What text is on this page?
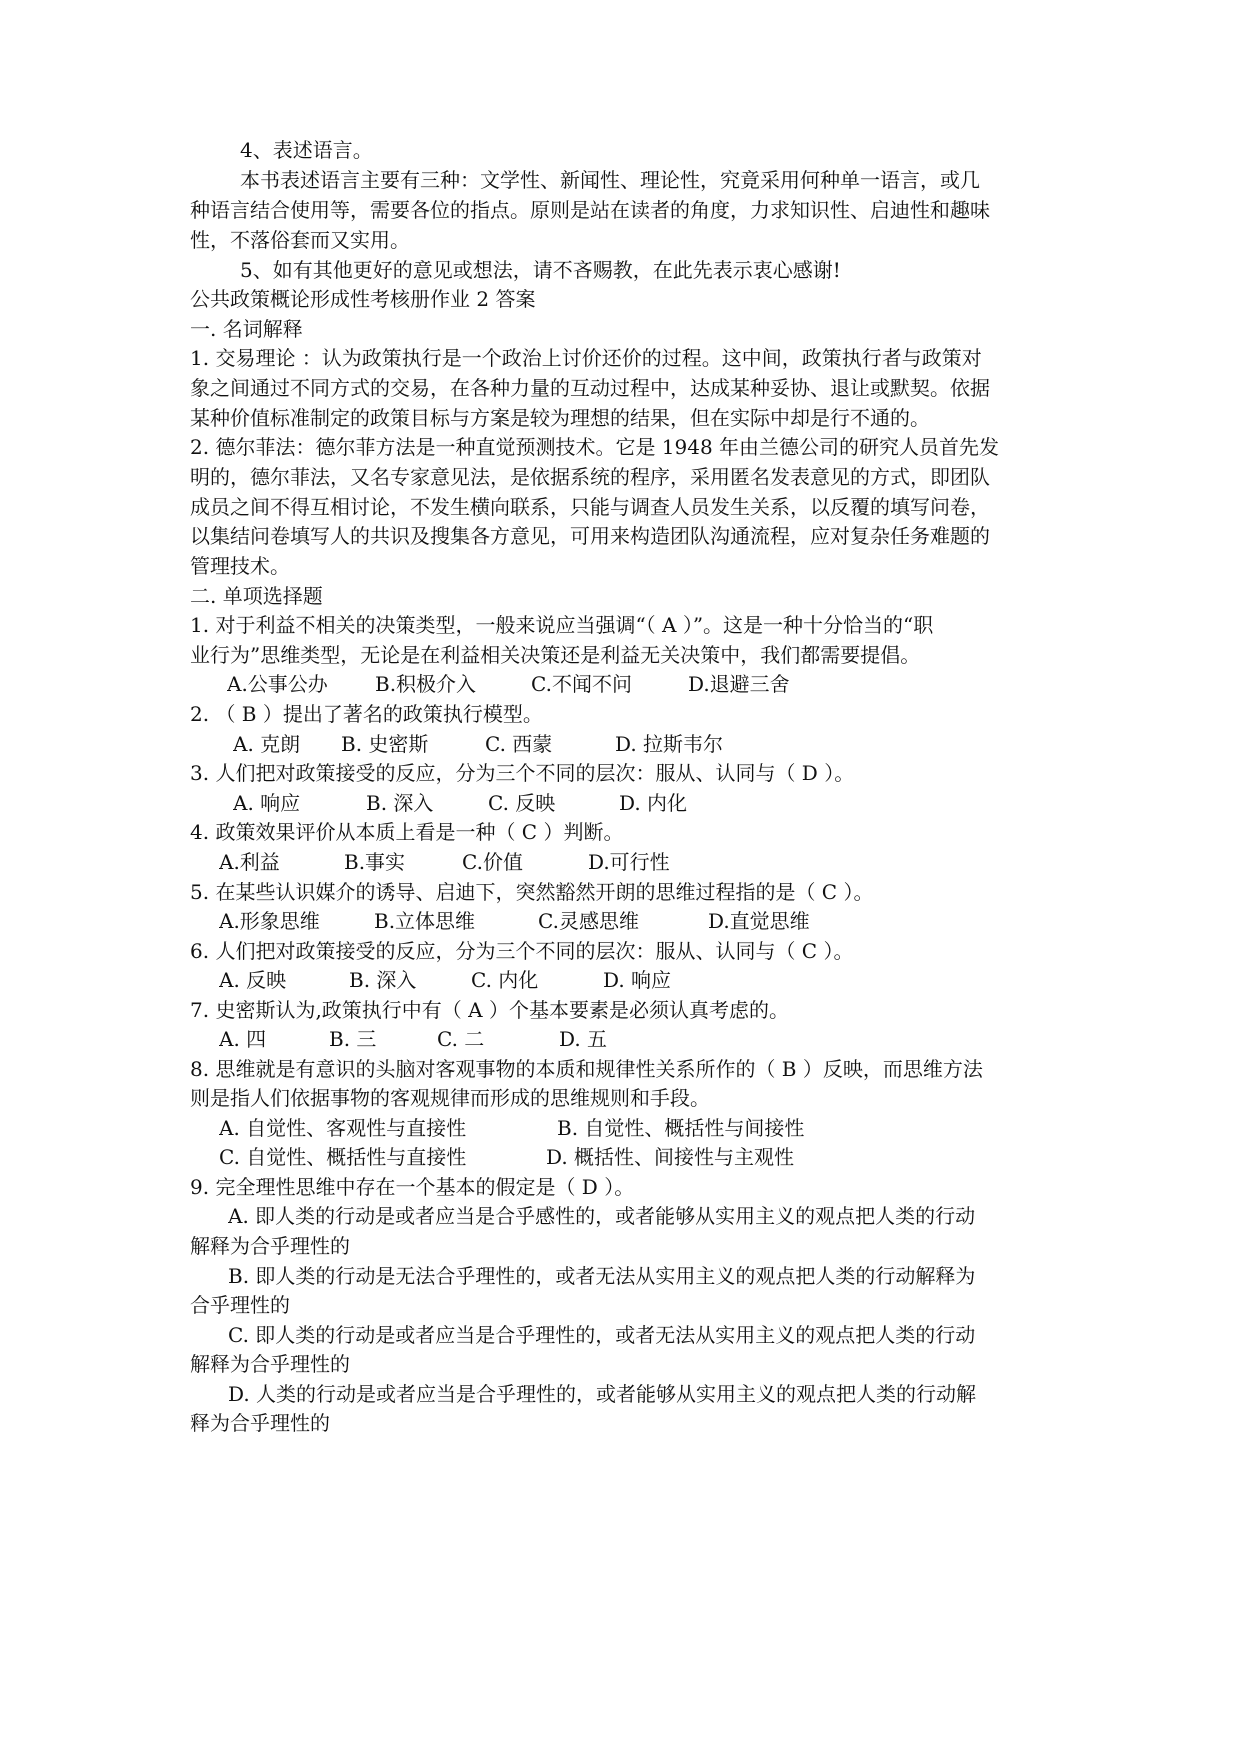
4、表述语言。
本书表述语言主要有三种：文学性、新闻性、理论性，究竟采用何种单一语言，或几
种语言结合使用等，需要各位的指点。原则是站在读者的角度，力求知识性、启迪性和趣味
性，不落俗套而又实用。
5、如有其他更好的意见或想法，请不吝赐教，在此先表示衷心感谢!
公共政策概论形成性考核册作业 2 答案
一. 名词解释
1. 交易理论 ：认为政策执行是一个政治上讨价还价的过程。这中间，政策执行者与政策对
象之间通过不同方式的交易，在各种力量的互动过程中，达成某种妥协、退让或默契。依据
某种价值标准制定的政策目标与方案是较为理想的结果，但在实际中却是行不通的。
2. 德尔菲法：德尔菲方法是一种直觉预测技术。它是 1948 年由兰德公司的研究人员首先发
明的，德尔菲法，又名专家意见法，是依据系统的程序，采用匿名发表意见的方式，即团队
成员之间不得互相讨论，不发生横向联系，只能与调查人员发生关系，以反覆的填写问卷，
以集结问卷填写人的共识及搜集各方意见，可用来构造团队沟通流程，应对复杂任务难题的
管理技术。
二. 单项选择题
1. 对于利益不相关的决策类型，一般来说应当强调“（ A ）”。这是一种十分恰当的“职
业行为”思维类型，无论是在利益相关决策还是利益无关决策中，我们都需要提倡。
A.公事公办 B.积极介入	C.不闻不问	D.退避三舍
2. （ B ）提出了著名的政策执行模型。
A. 克朗 B. 史密斯	C. 西蒙	D. 拉斯韦尔
3. 人们把对政策接受的反应，分为三个不同的层次：服从、认同与（ D ）。
A. 响应	B. 深入	C. 反映	D. 内化
4. 政策效果评价从本质上看是一种（ C ）判断。
A.利益	B.事实	C.价值	D.可行性
5. 在某些认识媒介的诱导、启迪下，突然豁然开朗的思维过程指的是（ C ）。
A.形象思维	B.立体思维	C.灵感思维	D.直觉思维
6. 人们把对政策接受的反应，分为三个不同的层次：服从、认同与（ C ）。
A. 反映	B. 深入	C. 内化	D. 响应
7. 史密斯认为,政策执行中有（ A ）个基本要素是必须认真考虑的。
A. 四	B. 三	C. 二	D. 五
8. 思维就是有意识的头脑对客观事物的本质和规律性关系所作的（ B ）反映，而思维方法
则是指人们依据事物的客观规律而形成的思维规则和手段。
A. 自觉性、客观性与直接性	B. 自觉性、概括性与间接性
C. 自觉性、概括性与直接性	D. 概括性、间接性与主观性
9. 完全理性思维中存在一个基本的假定是（ D ）。
A. 即人类的行动是或者应当是合乎感性的，或者能够从实用主义的观点把人类的行动
解释为合乎理性的
B. 即人类的行动是无法合乎理性的，或者无法从实用主义的观点把人类的行动解释为
合乎理性的
C. 即人类的行动是或者应当是合乎理性的，或者无法从实用主义的观点把人类的行动
解释为合乎理性的
D. 人类的行动是或者应当是合乎理性的，或者能够从实用主义的观点把人类的行动解
释为合乎理性的
